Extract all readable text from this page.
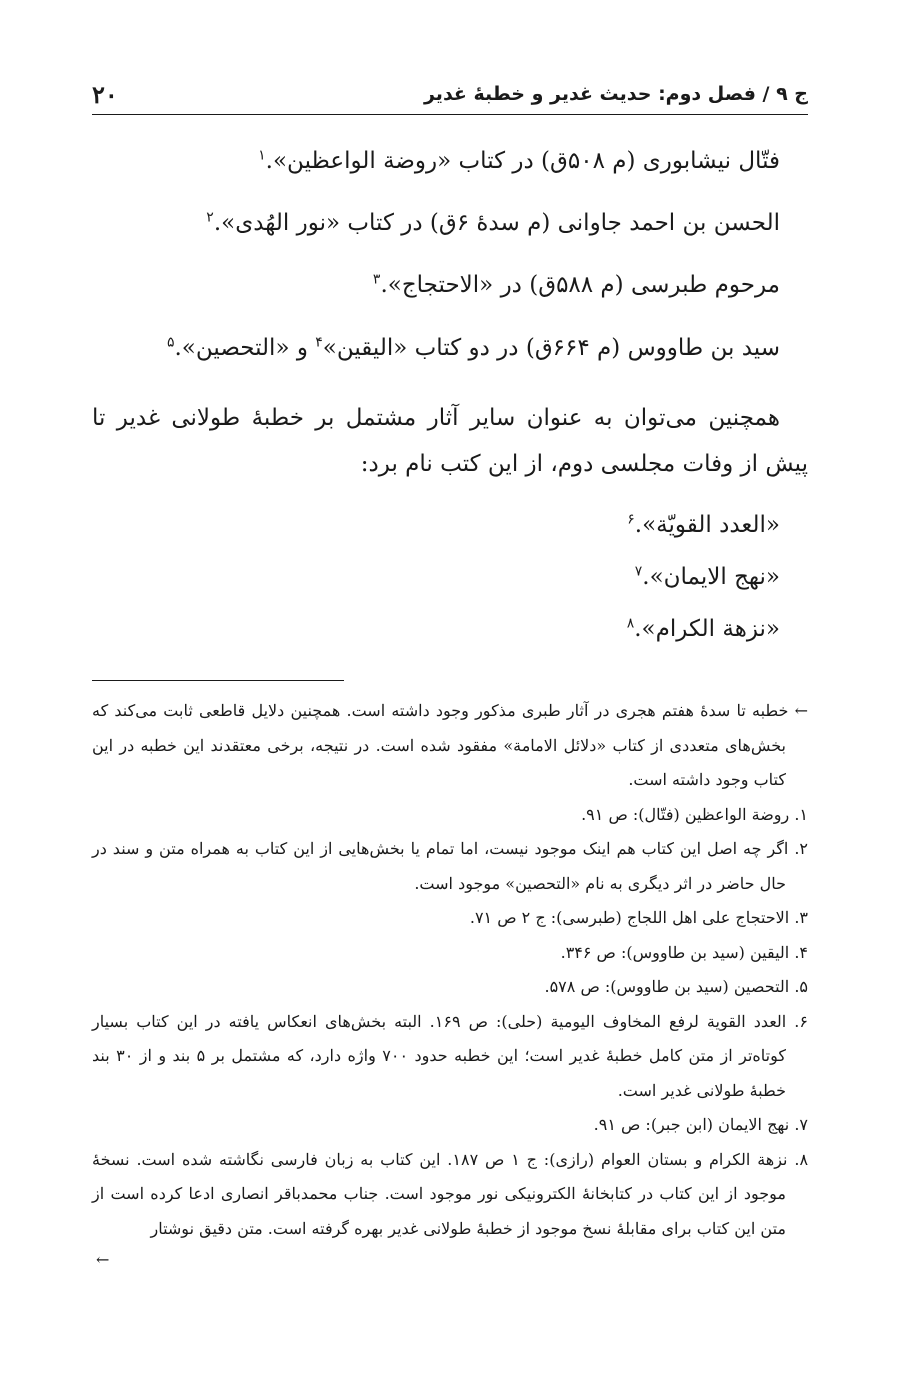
ج ۹ / فصل دوم: حدیث غدیر و خطبهٔ غدیر
۲۰
فتّال نیشابوری (م ۵۰۸ق) در کتاب «روضة الواعظین».$^۱$
الحسن بن احمد جاوانی (م سدهٔ ۶ق) در کتاب «نور الهُدی».$^۲$
مرحوم طبرسی (م ۵۸۸ق) در «الاحتجاج».$^۳$
سید بن طاووس (م ۶۶۴ق) در دو کتاب «الیقین»$^۴$ و «التحصین».$^۵$
همچنین می‌توان به عنوان سایر آثار مشتمل بر خطبهٔ طولانی غدیر تا پیش از وفات مجلسی دوم، از این کتب نام برد:
«العدد القویّة».$^۶$
«نهج الایمان».$^۷$
«نزهة الکرام».$^۸$
← خطبه تا سدهٔ هفتم هجری در آثار طبری مذکور وجود داشته است. همچنین دلایل قاطعی ثابت می‌کند که بخش‌های متعددی از کتاب «دلائل الامامة» مفقود شده است. در نتیجه، برخی معتقدند این خطبه در این کتاب وجود داشته است.
۱. روضة الواعظین (فتّال): ص ۹۱.
۲. اگر چه اصل این کتاب هم اینک موجود نیست، اما تمام یا بخش‌هایی از این کتاب به همراه متن و سند در حال حاضر در اثر دیگری به نام «التحصین» موجود است.
۳. الاحتجاج علی اهل اللجاج (طبرسی): ج ۲ ص ۷۱.
۴. الیقین (سید بن طاووس): ص ۳۴۶.
۵. التحصین (سید بن طاووس): ص ۵۷۸.
۶. العدد القویة لرفع المخاوف الیومیة (حلی): ص ۱۶۹. البته بخش‌های انعکاس یافته در این کتاب بسیار کوتاه‌تر از متن کامل خطبهٔ غدیر است؛ این خطبه حدود ۷۰۰ واژه دارد، که مشتمل بر ۵ بند و از ۳۰ بند خطبهٔ طولانی غدیر است.
۷. نهج الایمان (ابن جبر): ص ۹۱.
۸. نزهة الکرام و بستان العوام (رازی): ج ۱ ص ۱۸۷. این کتاب به زبان فارسی نگاشته شده است. نسخهٔ موجود از این کتاب در کتابخانهٔ الکترونیکی نور موجود است. جناب محمدباقر انصاری ادعا کرده است از متن این کتاب برای مقابلهٔ نسخ موجود از خطبهٔ طولانی غدیر بهره گرفته است. متن دقیق نوشتار
←
